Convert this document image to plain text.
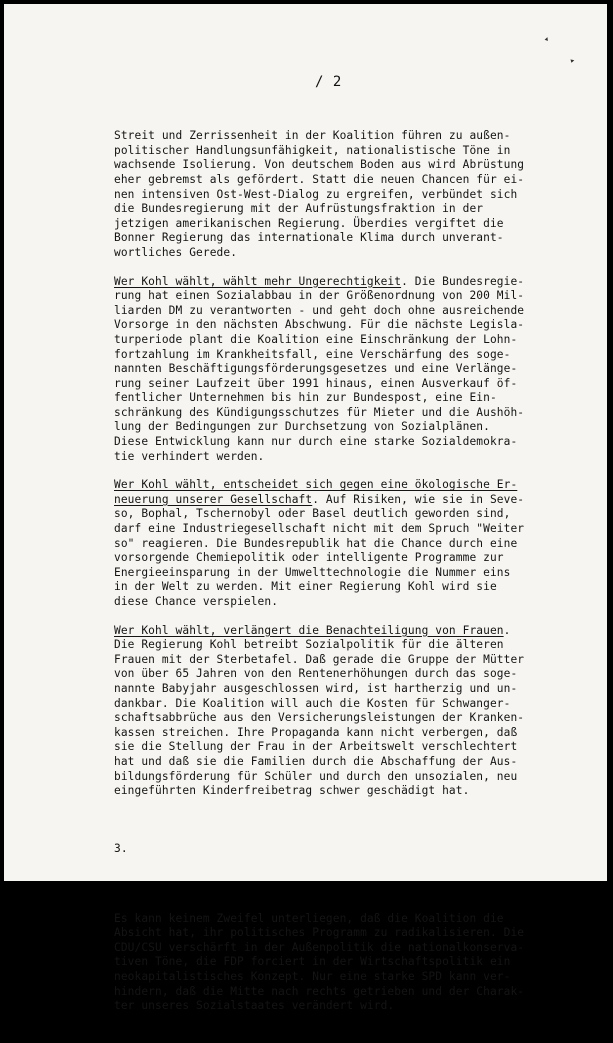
▴
▸
/ 2

Streit und Zerrissenheit in der Koalition führen zu außen-
politischer Handlungsunfähigkeit, nationalistische Töne in
wachsende Isolierung. Von deutschem Boden aus wird Abrüstung
eher gebremst als gefördert. Statt die neuen Chancen für ei-
nen intensiven Ost-West-Dialog zu ergreifen, verbündet sich
die Bundesregierung mit der Aufrüstungsfraktion in der
jetzigen amerikanischen Regierung. Überdies vergiftet die
Bonner Regierung das internationale Klima durch unverant-
wortliches Gerede.
Wer Kohl wählt, wählt mehr Ungerechtigkeit. Die Bundesregie-
rung hat einen Sozialabbau in der Größenordnung von 200 Mil-
liarden DM zu verantworten - und geht doch ohne ausreichende
Vorsorge in den nächsten Abschwung. Für die nächste Legisla-
turperiode plant die Koalition eine Einschränkung der Lohn-
fortzahlung im Krankheitsfall, eine Verschärfung des soge-
nannten Beschäftigungsförderungsgesetzes und eine Verlänge-
rung seiner Laufzeit über 1991 hinaus, einen Ausverkauf öf-
fentlicher Unternehmen bis hin zur Bundespost, eine Ein-
schränkung des Kündigungsschutzes für Mieter und die Aushöh-
lung der Bedingungen zur Durchsetzung von Sozialplänen.
Diese Entwicklung kann nur durch eine starke Sozialdemokra-
tie verhindert werden.
Wer Kohl wählt, entscheidet sich gegen eine ökologische Er-
neuerung unserer Gesellschaft. Auf Risiken, wie sie in Seve-
so, Bophal, Tschernobyl oder Basel deutlich geworden sind,
darf eine Industriegesellschaft nicht mit dem Spruch "Weiter
so" reagieren. Die Bundesrepublik hat die Chance durch eine
vorsorgende Chemiepolitik oder intelligente Programme zur
Energieeinsparung in der Umwelttechnologie die Nummer eins
in der Welt zu werden. Mit einer Regierung Kohl wird sie
diese Chance verspielen.
Wer Kohl wählt, verlängert die Benachteiligung von Frauen.
Die Regierung Kohl betreibt Sozialpolitik für die älteren
Frauen mit der Sterbetafel. Daß gerade die Gruppe der Mütter
von über 65 Jahren von den Rentenerhöhungen durch das soge-
nannte Babyjahr ausgeschlossen wird, ist hartherzig und un-
dankbar. Die Koalition will auch die Kosten für Schwanger-
schaftsabbrüche aus den Versicherungsleistungen der Kranken-
kassen streichen. Ihre Propaganda kann nicht verbergen, daß
sie die Stellung der Frau in der Arbeitswelt verschlechtert
hat und daß sie die Familien durch die Abschaffung der Aus-
bildungsförderung für Schüler und durch den unsozialen, neu
eingeführten Kinderfreibetrag schwer geschädigt hat.

3.

Es kann keinem Zweifel unterliegen, daß die Koalition die
Absicht hat, ihr politisches Programm zu radikalisieren. Die
CDU/CSU verschärft in der Außenpolitik die nationalkonserva-
tiven Töne, die FDP forciert in der Wirtschaftspolitik ein
neokapitalistisches Konzept. Nur eine starke SPD kann ver-
hindern, daß die Mitte nach rechts getrieben und der Charak-
ter unseres Sozialstaates verändert wird.
